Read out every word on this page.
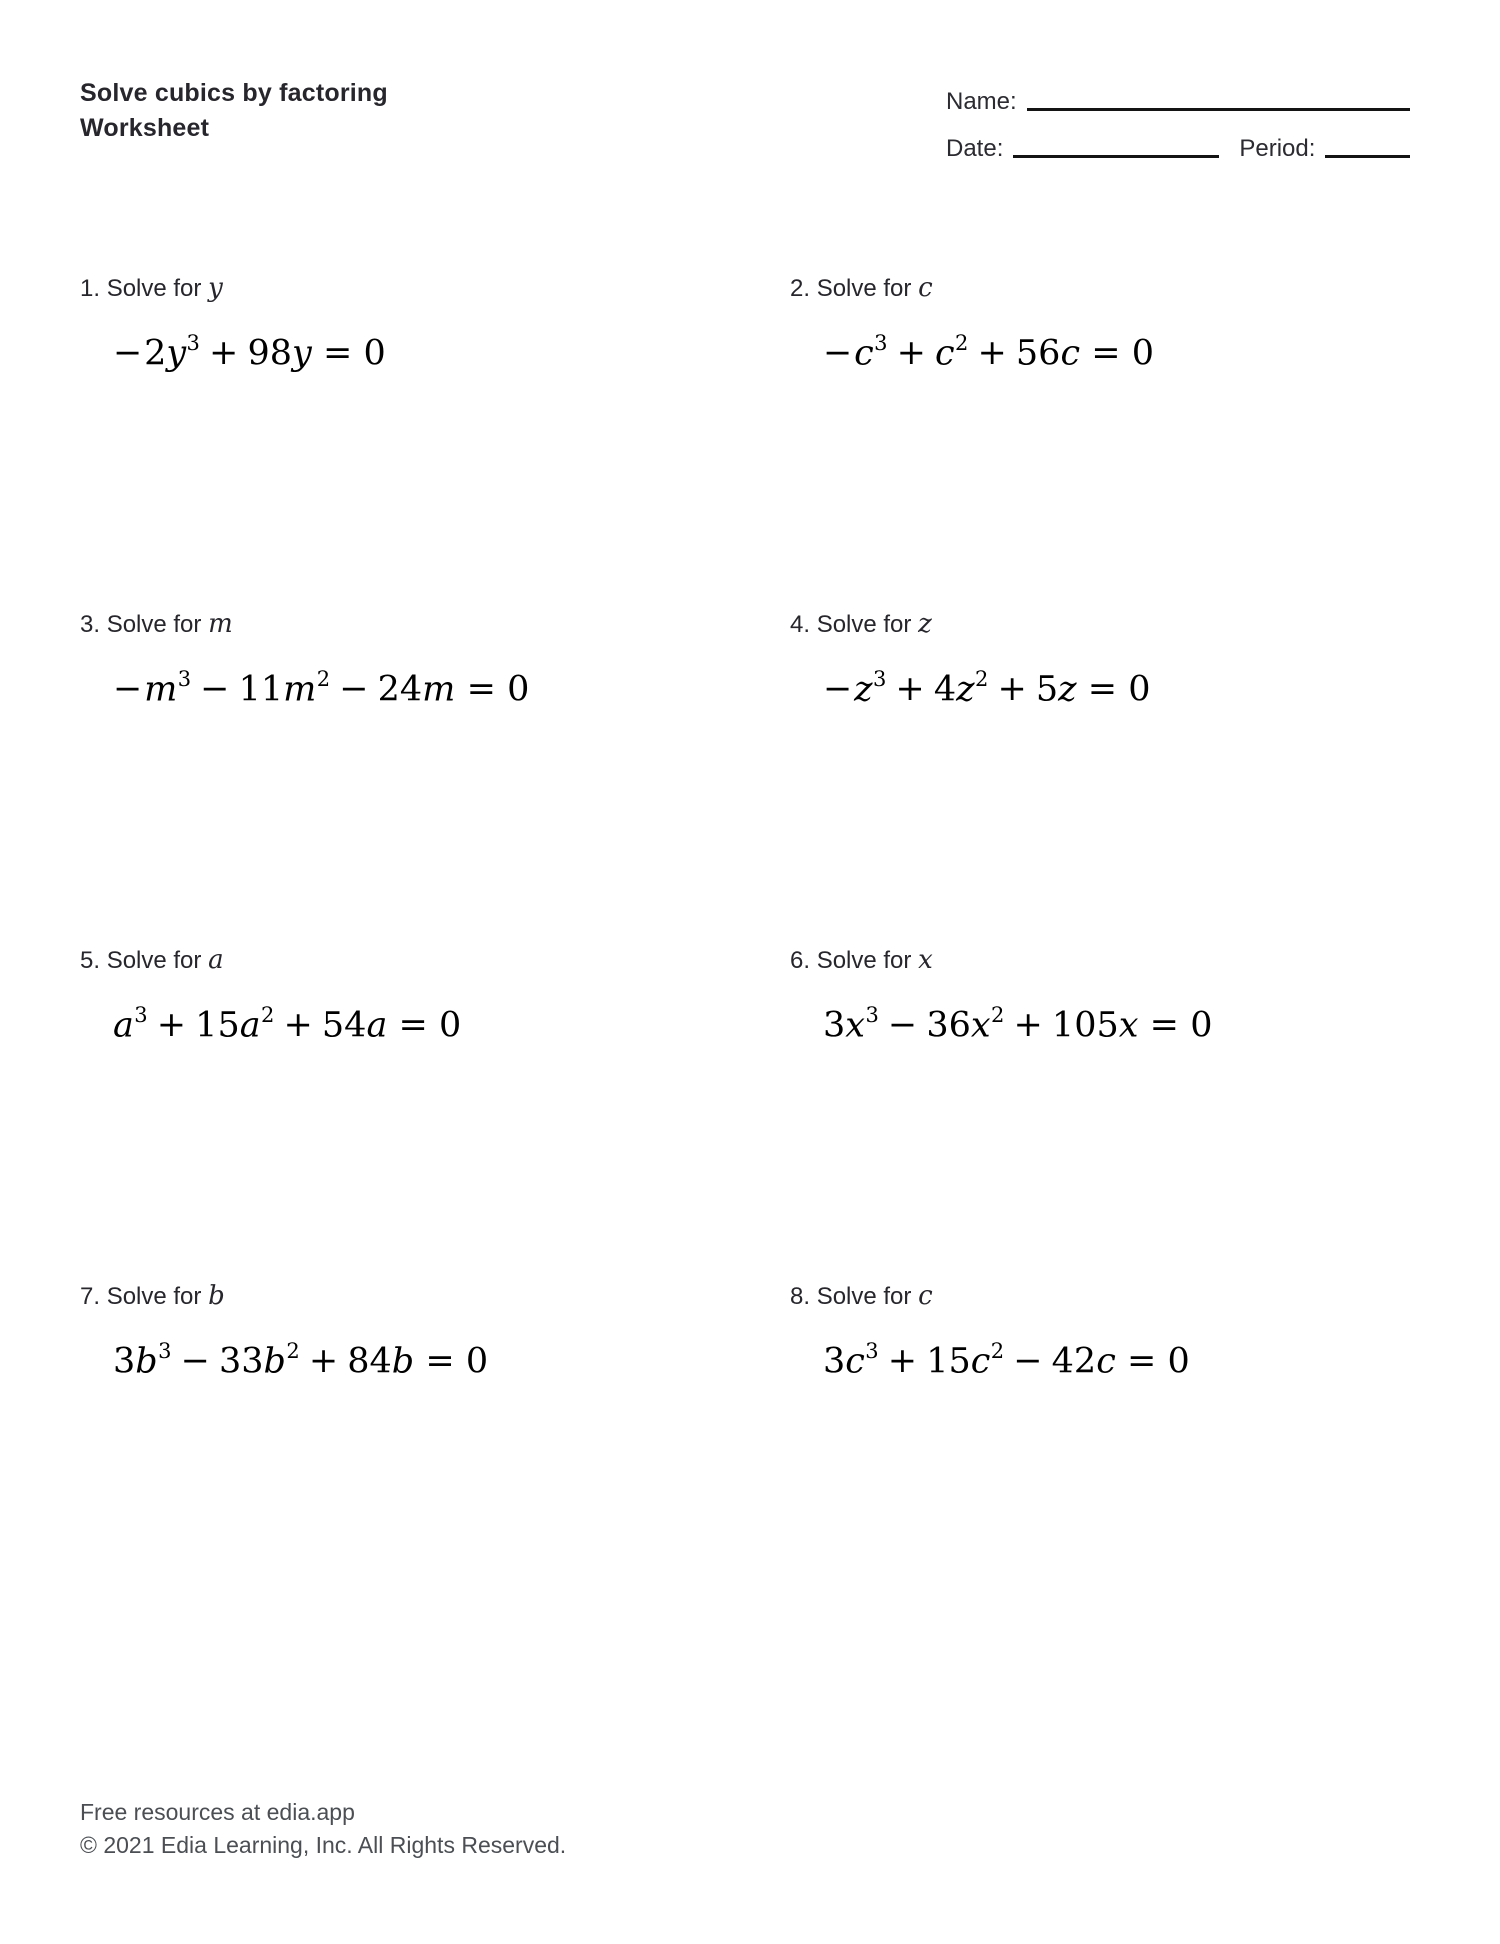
Solve cubics by factoring
Worksheet
Name:
Date:	Period:
1. Solve for y
$-2y^3 + 98y = 0$
2. Solve for c
$-c^3 + c^2 + 56c = 0$
3. Solve for m
$-m^3 - 11m^2 - 24m = 0$
4. Solve for z
$-z^3 + 4z^2 + 5z = 0$
5. Solve for a
$a^3 + 15a^2 + 54a = 0$
6. Solve for x
$3x^3 - 36x^2 + 105x = 0$
7. Solve for b
$3b^3 - 33b^2 + 84b = 0$
8. Solve for c
$3c^3 + 15c^2 - 42c = 0$
Free resources at edia.app
© 2021 Edia Learning, Inc. All Rights Reserved.
